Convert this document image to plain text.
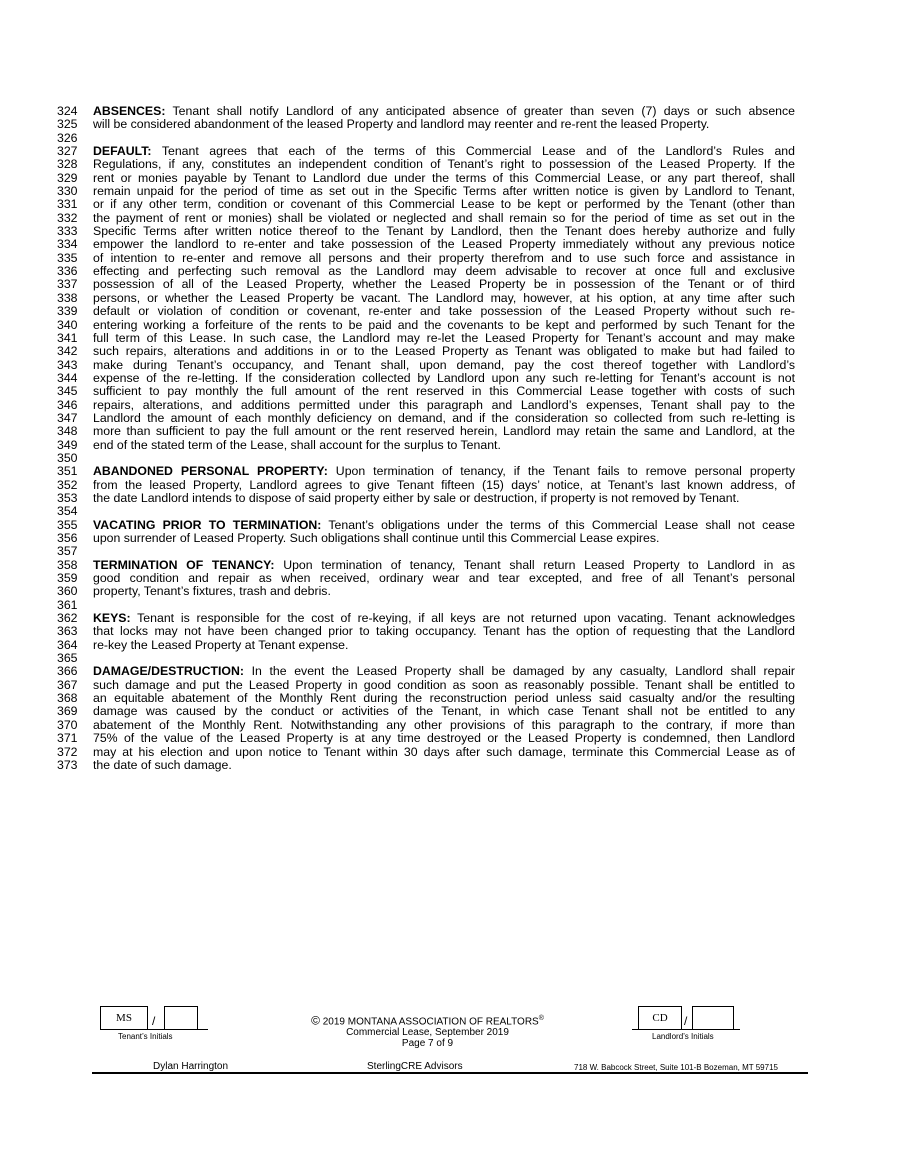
324 ABSENCES: Tenant shall notify Landlord of any anticipated absence of greater than seven (7) days or such absence
325 will be considered abandonment of the leased Property and landlord may reenter and re-rent the leased Property.
326
327 DEFAULT: Tenant agrees that each of the terms of this Commercial Lease and of the Landlord’s Rules and
328 Regulations, if any, constitutes an independent condition of Tenant’s right to possession of the Leased Property. If the
329 rent or monies payable by Tenant to Landlord due under the terms of this Commercial Lease, or any part thereof, shall
330 remain unpaid for the period of time as set out in the Specific Terms after written notice is given by Landlord to Tenant,
331 or if any other term, condition or covenant of this Commercial Lease to be kept or performed by the Tenant (other than
332 the payment of rent or monies) shall be violated or neglected and shall remain so for the period of time as set out in the
333 Specific Terms after written notice thereof to the Tenant by Landlord, then the Tenant does hereby authorize and fully
334 empower the landlord to re-enter and take possession of the Leased Property immediately without any previous notice
335 of intention to re-enter and remove all persons and their property therefrom and to use such force and assistance in
336 effecting and perfecting such removal as the Landlord may deem advisable to recover at once full and exclusive
337 possession of all of the Leased Property, whether the Leased Property be in possession of the Tenant or of third
338 persons, or whether the Leased Property be vacant. The Landlord may, however, at his option, at any time after such
339 default or violation of condition or covenant, re-enter and take possession of the Leased Property without such re-
340 entering working a forfeiture of the rents to be paid and the covenants to be kept and performed by such Tenant for the
341 full term of this Lease. In such case, the Landlord may re-let the Leased Property for Tenant’s account and may make
342 such repairs, alterations and additions in or to the Leased Property as Tenant was obligated to make but had failed to
343 make during Tenant’s occupancy, and Tenant shall, upon demand, pay the cost thereof together with Landlord’s
344 expense of the re-letting. If the consideration collected by Landlord upon any such re-letting for Tenant’s account is not
345 sufficient to pay monthly the full amount of the rent reserved in this Commercial Lease together with costs of such
346 repairs, alterations, and additions permitted under this paragraph and Landlord’s expenses, Tenant shall pay to the
347 Landlord the amount of each monthly deficiency on demand, and if the consideration so collected from such re-letting is
348 more than sufficient to pay the full amount or the rent reserved herein, Landlord may retain the same and Landlord, at the
349 end of the stated term of the Lease, shall account for the surplus to Tenant.
350
351 ABANDONED PERSONAL PROPERTY: Upon termination of tenancy, if the Tenant fails to remove personal property
352 from the leased Property, Landlord agrees to give Tenant fifteen (15) days’ notice, at Tenant’s last known address, of
353 the date Landlord intends to dispose of said property either by sale or destruction, if property is not removed by Tenant.
354
355 VACATING PRIOR TO TERMINATION: Tenant’s obligations under the terms of this Commercial Lease shall not cease
356 upon surrender of Leased Property. Such obligations shall continue until this Commercial Lease expires.
357
358 TERMINATION OF TENANCY: Upon termination of tenancy, Tenant shall return Leased Property to Landlord in as
359 good condition and repair as when received, ordinary wear and tear excepted, and free of all Tenant’s personal
360 property, Tenant’s fixtures, trash and debris.
361
362 KEYS: Tenant is responsible for the cost of re-keying, if all keys are not returned upon vacating. Tenant acknowledges
363 that locks may not have been changed prior to taking occupancy. Tenant has the option of requesting that the Landlord
364 re-key the Leased Property at Tenant expense.
365
366 DAMAGE/DESTRUCTION: In the event the Leased Property shall be damaged by any casualty, Landlord shall repair
367 such damage and put the Leased Property in good condition as soon as reasonably possible. Tenant shall be entitled to
368 an equitable abatement of the Monthly Rent during the reconstruction period unless said casualty and/or the resulting
369 damage was caused by the conduct or activities of the Tenant, in which case Tenant shall not be entitled to any
370 abatement of the Monthly Rent. Notwithstanding any other provisions of this paragraph to the contrary, if more than
371 75% of the value of the Leased Property is at any time destroyed or the Leased Property is condemned, then Landlord
372 may at his election and upon notice to Tenant within 30 days after such damage, terminate this Commercial Lease as of
373 the date of such damage.
MS	/
Tenant’s Initials
© 2019 MONTANA ASSOCIATION OF REALTORS®
Commercial Lease, September 2019
Page 7 of 9
CD	/
Landlord’s Initials
Dylan Harrington	SterlingCRE Advisors	718 W. Babcock Street, Suite 101-B Bozeman, MT 59715
